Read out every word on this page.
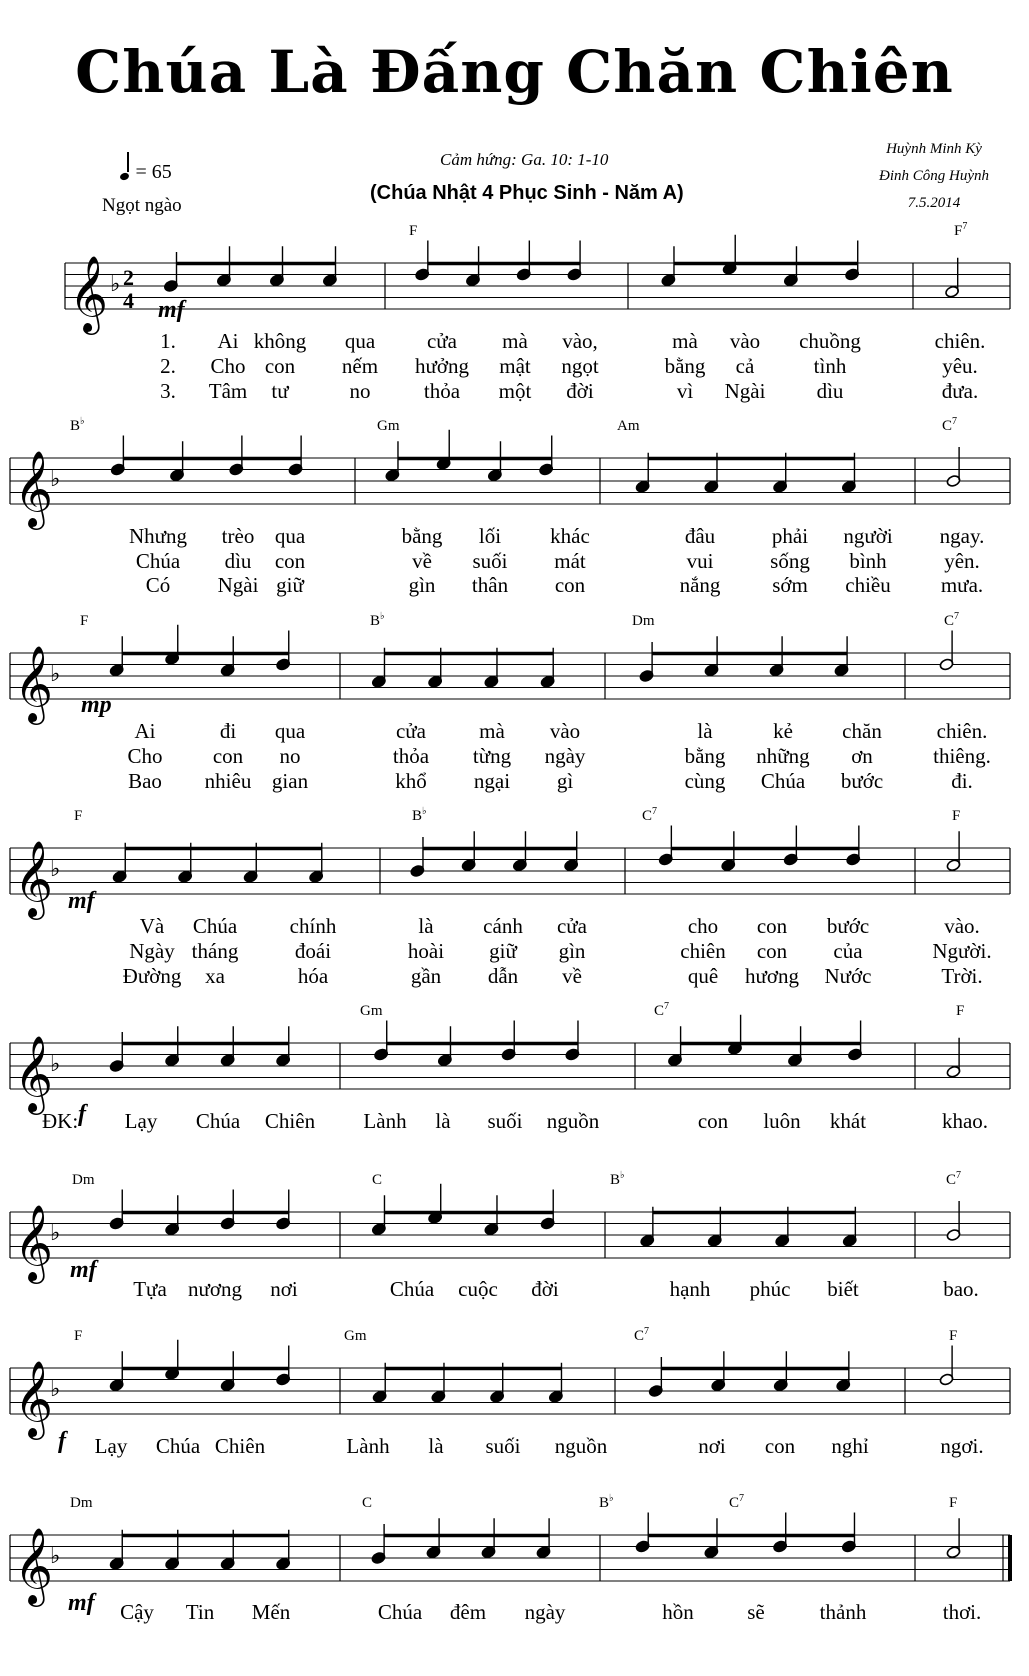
Chúa Là Đấng Chăn Chiên
= 65
Ngọt ngào
Cảm hứng: Ga. 10: 1-10
(Chúa Nhật 4 Phục Sinh - Năm A)
Huỳnh Minh Kỳ
Đinh Công Huỳnh
7.5.2014
𝄞 ♭ 2
4
𝄞
♭
𝄞
♭
𝄞
♭
𝄞
♭
𝄞
♭
𝄞
♭
𝄞
♭
F	$F^7$
mf
1. Ai không qua cửa mà vào,	mà vào chuồng	chiên.
2. Cho con nếm hưởng mật ngọt	bằng cả	tình	yêu.
3. Tâm tư	no	thỏa một đời	vì Ngài dìu	đưa.
B♭	Gm	Am	$C^7$
Nhưng trèo qua	bằng lối khác	đâu	phải người ngay.
Chúa dìu con	về suối mát	vui	sống bình	yên.
Có Ngài giữ	gìn thân con	nắng sớm chiều mưa.
F	B♭	Dm	$C^7$
mp
Ai	đi qua	cửa	mà vào	là	kẻ chăn	chiên.
Cho con no	thỏa từng ngày	bằng những ơn	thiêng.
Bao nhiêu gian	khổ ngại gì	cùng Chúa bước	đi.
F	B♭	$C^7$	F
mf
Và Chúa	chính	là cánh cửa	cho con bước	vào.
Ngày tháng	đoái	hoài giữ gìn	chiên con của	Người.
Đường xa	hóa	gần dẫn về	quê hương Nước	Trời.
Gm	$C^7$	F
f
ĐK: Lạy Chúa Chiên Lành là suối nguồn	con luôn khát	khao.
Dm	C	B♭	$C^7$
mf
Tựa nương nơi	Chúa cuộc đời	hạnh phúc biết	bao.
F	Gm	$C^7$	F
f Lạy Chúa Chiên	Lành là suối nguồn	nơi con nghỉ	ngơi.
Dm	C	B♭	$C^7$	F
mf Cậy Tin Mến	Chúa đêm ngày	hồn	sẽ	thảnh	thơi.
